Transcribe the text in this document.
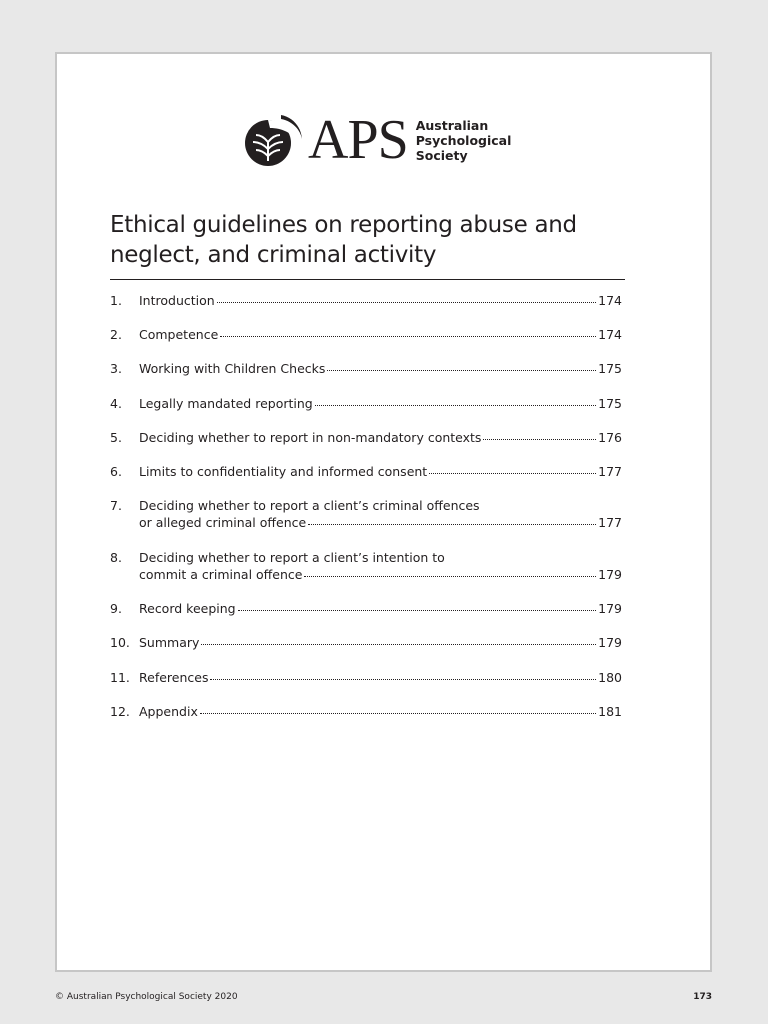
APS Australian
Psychological
Society
Ethical guidelines on reporting abuse and
neglect, and criminal activity
1. Introduction	174
2. Competence	174
3. Working with Children Checks	175
4. Legally mandated reporting	175
5. Deciding whether to report in non-mandatory contexts	176
6. Limits to confidentiality and informed consent	177
7. Deciding whether to report a client’s criminal offences
or alleged criminal offence	177
8. Deciding whether to report a client’s intention to
commit a criminal offence	179
9. Record keeping	179
10. Summary	179
11. References	180
12. Appendix	181
© Australian Psychological Society 2020	173
